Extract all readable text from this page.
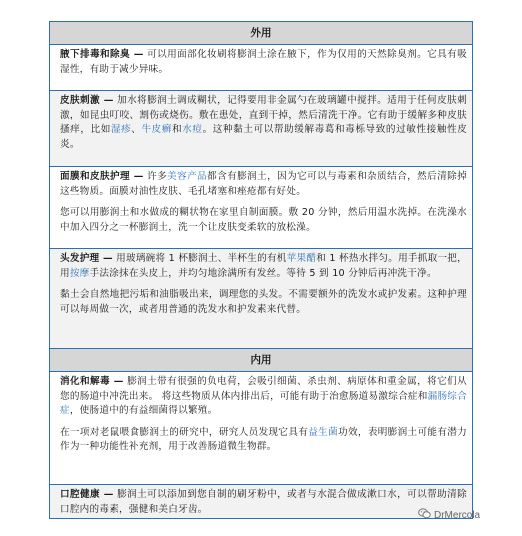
外用

腋下排毒和除臭 — 可以用面部化妆刷将膨润土涂在腋下，作为仅用的天然除臭剂。它具有吸湿性，有助于减少异味。

皮肤刺激 — 加水将膨润土调成糊状，记得要用非金属勺在玻璃罐中搅拌。适用于任何皮肤刺激，如昆虫叮咬、割伤或烧伤。敷在患处，直到干掉，然后清洗干净。它有助于缓解多种皮肤搔痒，比如湿疹、牛皮癣和水痘。这种黏土可以帮助缓解毒葛和毒栎导致的过敏性接触性皮炎。

面膜和皮肤护理 — 许多美容产品都含有膨润土，因为它可以与毒素和杂质结合，然后清除掉这些物质。面膜对油性皮肤、毛孔堵塞和痤疮都有好处。

您可以用膨润土和水做成的糊状物在家里自制面膜。敷 20 分钟，然后用温水洗掉。在洗澡水中加入四分之一杯膨润土，洗一个让皮肤变柔软的放松澡。

头发护理 — 用玻璃碗将 1 杯膨润土、半杯生的有机苹果醋和 1 杯热水拌匀。用手抓取一把，用按摩手法涂抹在头皮上，并均匀地涂满所有发丝。等待 5 到 10 分钟后再冲洗干净。

黏土会自然地把污垢和油脂吸出来，调理您的头发。不需要额外的洗发水或护发素。这种护理可以每周做一次，或者用普通的洗发水和护发素来代替。

内用

消化和解毒 — 膨润土带有很强的负电荷，会吸引细菌、杀虫剂、病原体和重金属，将它们从您的肠道中冲洗出来。 将这些物质从体内排出后，可能有助于治愈肠道易激综合症和漏肠综合症，使肠道中的有益细菌得以繁殖。

在一项对老鼠喂食膨润土的研究中，研究人员发现它具有益生菌功效，表明膨润土可能有潜力作为一种功能性补充剂，用于改善肠道微生物群。

口腔健康 — 膨润土可以添加到您自制的刷牙粉中，或者与水混合做成漱口水，可以帮助清除口腔内的毒素，强健和美白牙齿。

DrMercola
